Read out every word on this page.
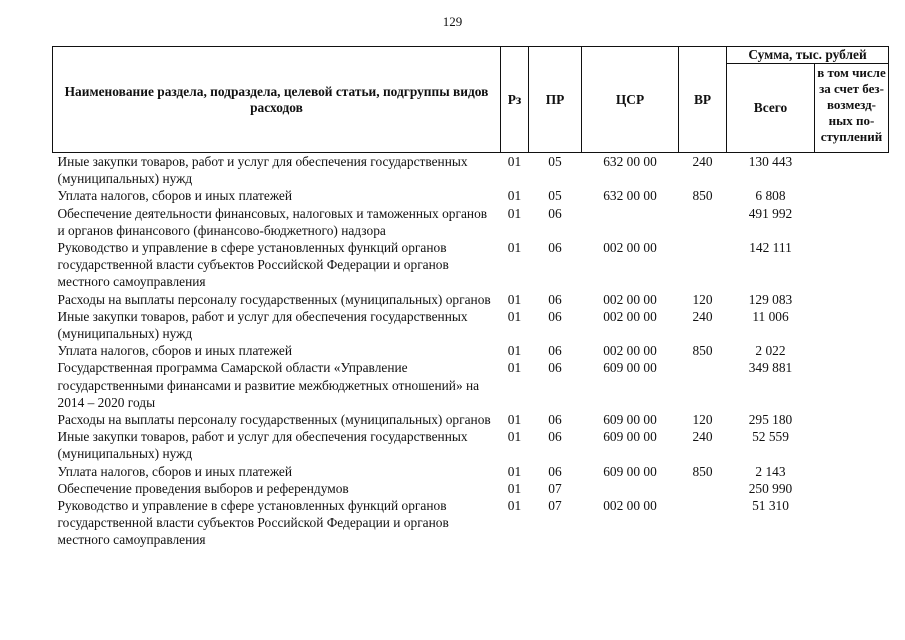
129
Наименование раздела, подраздела, целевой статьи, подгруппы видов расходов	Рз	ПР	ЦСР	ВР	Сумма, тыс. рублей	
					Всего	в том числе за счет без-возмезд-ных по-ступлений
Иные закупки товаров, работ и услуг для обеспечения государственных (муниципальных) нужд	01	05	632 00 00	240	130 443	
Уплата налогов, сборов и иных платежей	01	05	632 00 00	850	6 808	
Обеспечение деятельности финансовых, налоговых и таможенных органов и органов финансового (финансово-бюджетного) надзора	01	06			491 992	
Руководство и управление в сфере установленных функций органов государственной власти субъектов Российской Федерации и органов местного самоуправления	01	06	002 00 00		142 111	
Расходы на выплаты персоналу государственных (муниципальных) органов	01	06	002 00 00	120	129 083	
Иные закупки товаров, работ и услуг для обеспечения государственных (муниципальных) нужд	01	06	002 00 00	240	11 006	
Уплата налогов, сборов и иных платежей	01	06	002 00 00	850	2 022	
Государственная программа Самарской области «Управление государственными финансами и развитие межбюджетных отношений» на 2014 – 2020 годы	01	06	609 00 00		349 881	
Расходы на выплаты персоналу государственных (муниципальных) органов	01	06	609 00 00	120	295 180	
Иные закупки товаров, работ и услуг для обеспечения государственных (муниципальных) нужд	01	06	609 00 00	240	52 559	
Уплата налогов, сборов и иных платежей	01	06	609 00 00	850	2 143	
Обеспечение проведения выборов и референдумов	01	07			250 990	
Руководство и управление в сфере установленных функций органов государственной власти субъектов Российской Федерации и органов местного самоуправления	01	07	002 00 00		51 310	
